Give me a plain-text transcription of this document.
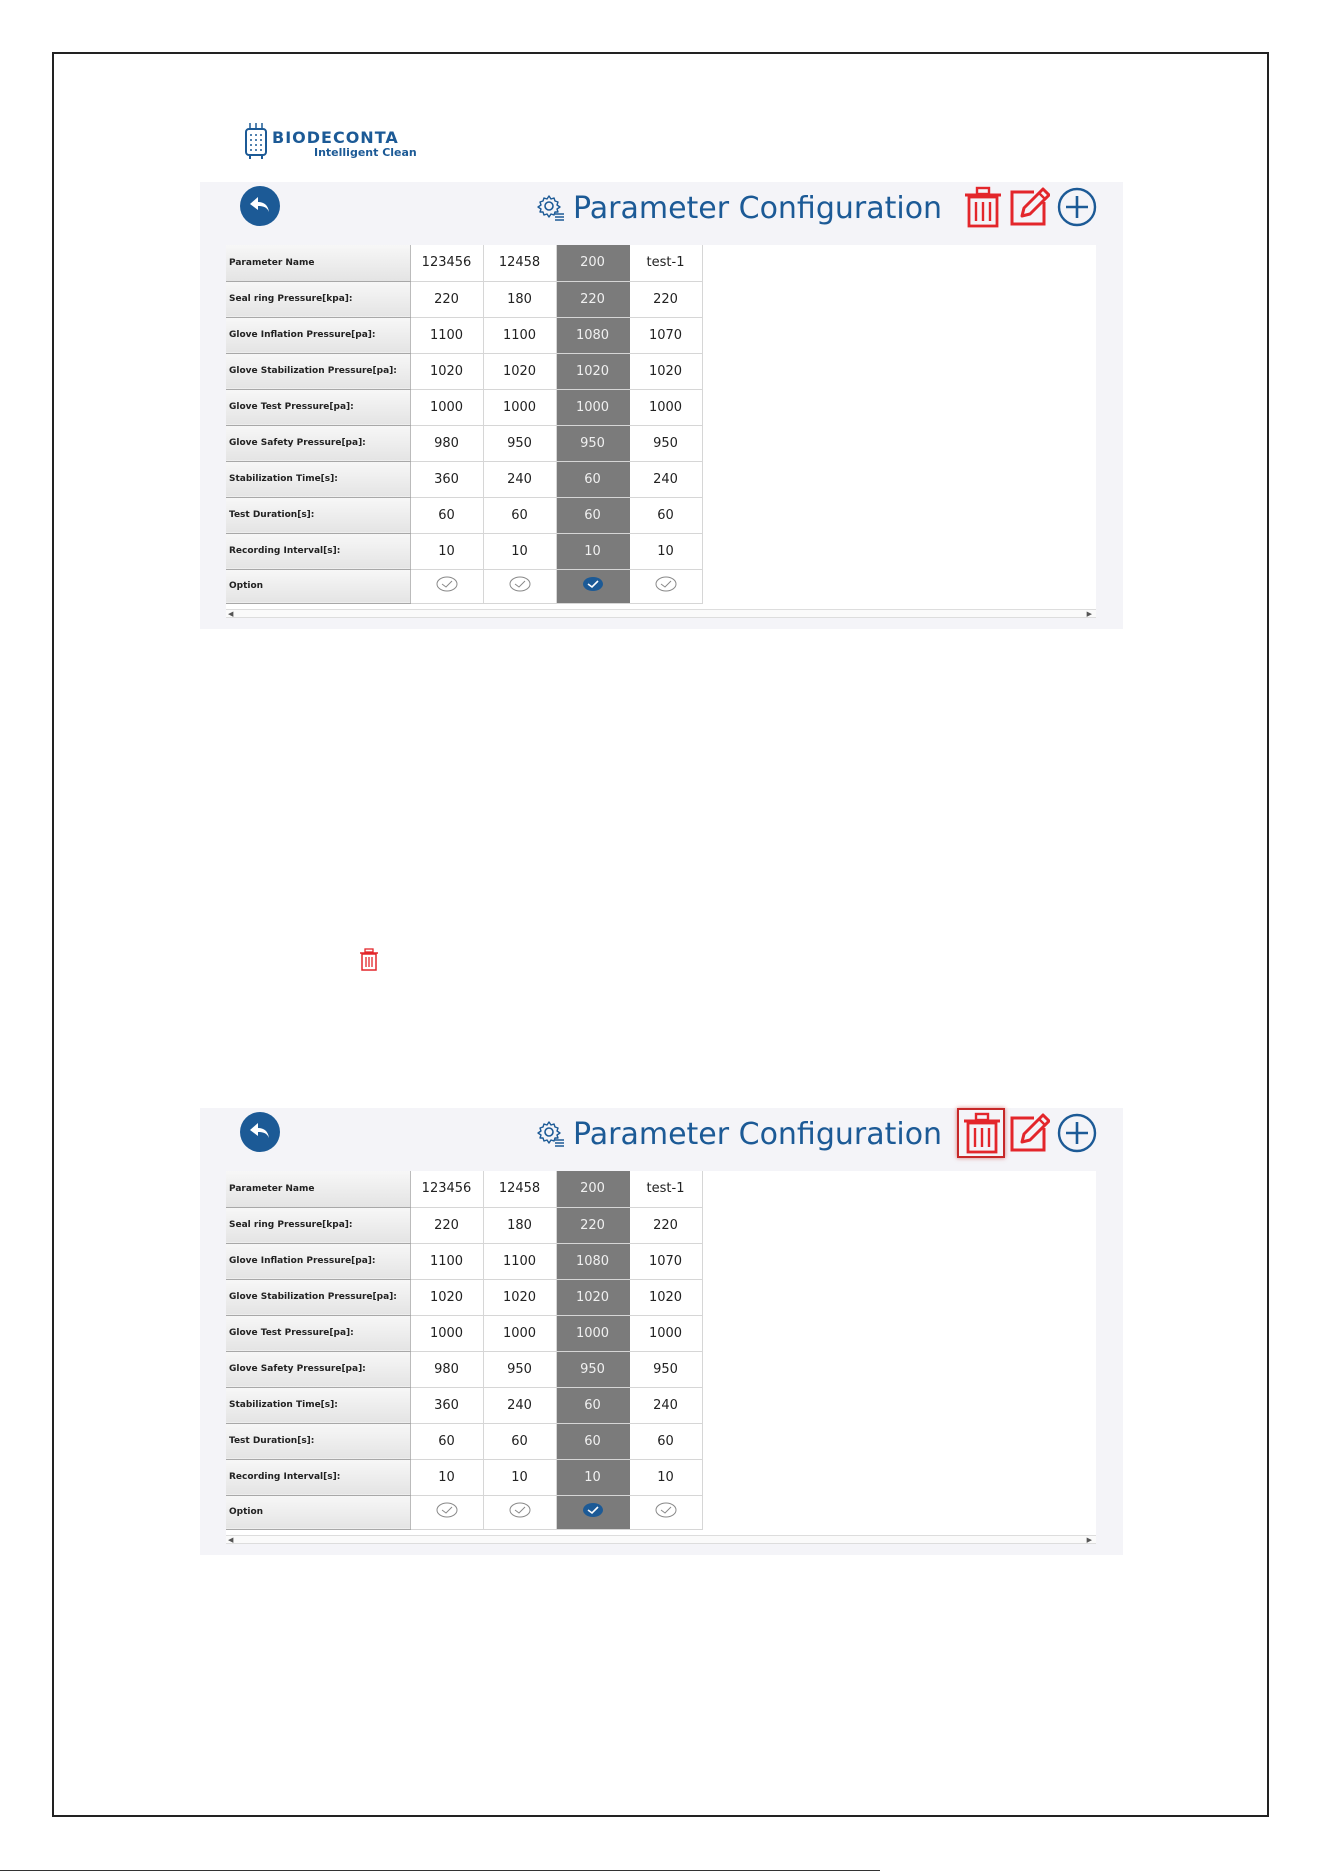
BIODECONTA
Intelligent Clean
Parameter Configuration
Parameter Name	123456	12458	200	test-1
Seal ring Pressure[kpa]:	220	180	220	220
Glove Inflation Pressure[pa]:	1100	1100	1080	1070
Glove Stabilization Pressure[pa]:	1020	1020	1020	1020
Glove Test Pressure[pa]:	1000	1000	1000	1000
Glove Safety Pressure[pa]:	980	950	950	950
Stabilization Time[s]:	360	240	60	240
Test Duration[s]:	60	60	60	60
Recording Interval[s]:	10	10	10	10
Option				
◀	▶
Parameter Configuration
Parameter Name	123456	12458	200	test-1
Seal ring Pressure[kpa]:	220	180	220	220
Glove Inflation Pressure[pa]:	1100	1100	1080	1070
Glove Stabilization Pressure[pa]:	1020	1020	1020	1020
Glove Test Pressure[pa]:	1000	1000	1000	1000
Glove Safety Pressure[pa]:	980	950	950	950
Stabilization Time[s]:	360	240	60	240
Test Duration[s]:	60	60	60	60
Recording Interval[s]:	10	10	10	10
Option				
◀	▶
